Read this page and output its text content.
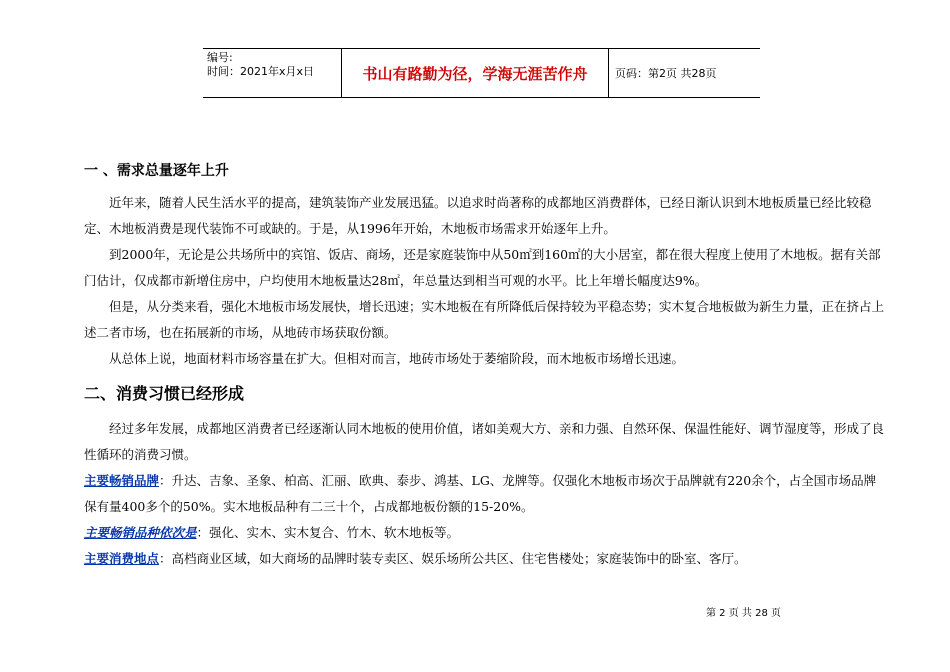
编号:
时间：2021年x月x日	书山有路勤为径，学海无涯苦作舟	页码：第2页 共28页
一 、需求总量逐年上升

近年来，随着人民生活水平的提高，建筑装饰产业发展迅猛。以追求时尚著称的成都地区消费群体，已经日渐认识到木地板质量已经比较稳定、木地板消费是现代装饰不可或缺的。于是，从1996年开始，木地板市场需求开始逐年上升。

到2000年，无论是公共场所中的宾馆、饭店、商场，还是家庭装饰中从50㎡到160㎡的大小居室，都在很大程度上使用了木地板。据有关部门估计，仅成都市新增住房中，户均使用木地板量达28㎡，年总量达到相当可观的水平。比上年增长幅度达9%。

但是，从分类来看，强化木地板市场发展快，增长迅速；实木地板在有所降低后保持较为平稳态势；实木复合地板做为新生力量，正在挤占上述二者市场，也在拓展新的市场，从地砖市场获取份额。

从总体上说，地面材料市场容量在扩大。但相对而言，地砖市场处于萎缩阶段，而木地板市场增长迅速。

二、消费习惯已经形成

经过多年发展，成都地区消费者已经逐渐认同木地板的使用价值，诸如美观大方、亲和力强、自然环保、保温性能好、调节湿度等，形成了良性循环的消费习惯。

主要畅销品牌：升达、吉象、圣象、柏高、汇丽、欧典、泰步、鸿基、LG、龙牌等。仅强化木地板市场次于品牌就有220余个，占全国市场品牌保有量400多个的50%。实木地板品种有二三十个，占成都地板份额的15-20%。

主要畅销品种依次是：强化、实木、实木复合、竹木、软木地板等。

主要消费地点：高档商业区域，如大商场的品牌时装专卖区、娱乐场所公共区、住宅售楼处；家庭装饰中的卧室、客厅。

第 2 页 共 28 页
